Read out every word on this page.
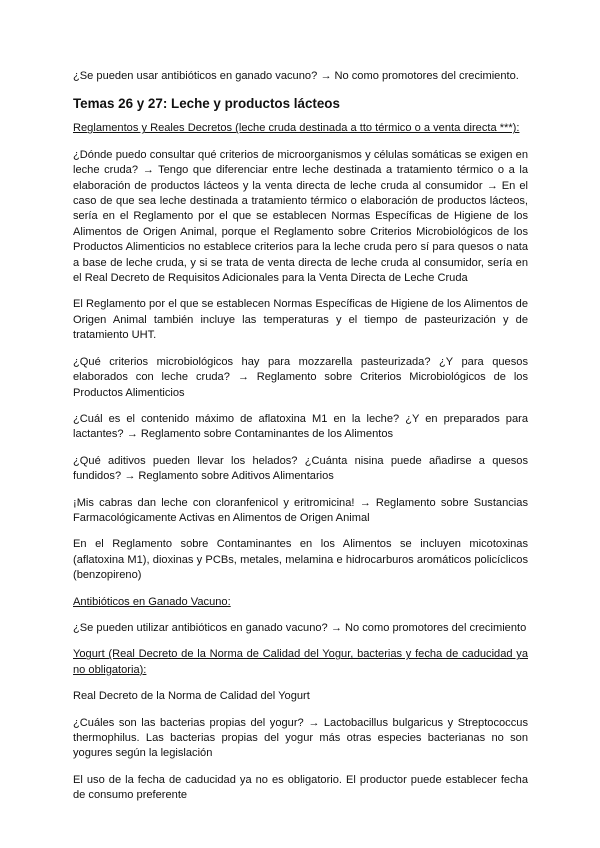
¿Se pueden usar antibióticos en ganado vacuno? → No como promotores del crecimiento.

Temas 26 y 27: Leche y productos lácteos

Reglamentos y Reales Decretos (leche cruda destinada a tto térmico o a venta directa ***):

¿Dónde puedo consultar qué criterios de microorganismos y células somáticas se exigen en leche cruda? → Tengo que diferenciar entre leche destinada a tratamiento térmico o a la elaboración de productos lácteos y la venta directa de leche cruda al consumidor → En el caso de que sea leche destinada a tratamiento térmico o elaboración de productos lácteos, sería en el Reglamento por el que se establecen Normas Específicas de Higiene de los Alimentos de Origen Animal, porque el Reglamento sobre Criterios Microbiológicos de los Productos Alimenticios no establece criterios para la leche cruda pero sí para quesos o nata a base de leche cruda, y si se trata de venta directa de leche cruda al consumidor, sería en el Real Decreto de Requisitos Adicionales para la Venta Directa de Leche Cruda

El Reglamento por el que se establecen Normas Específicas de Higiene de los Alimentos de Origen Animal también incluye las temperaturas y el tiempo de pasteurización y de tratamiento UHT.

¿Qué criterios microbiológicos hay para mozzarella pasteurizada? ¿Y para quesos elaborados con leche cruda? → Reglamento sobre Criterios Microbiológicos de los Productos Alimenticios

¿Cuál es el contenido máximo de aflatoxina M1 en la leche? ¿Y en preparados para lactantes? → Reglamento sobre Contaminantes de los Alimentos

¿Qué aditivos pueden llevar los helados? ¿Cuánta nisina puede añadirse a quesos fundidos? → Reglamento sobre Aditivos Alimentarios

¡Mis cabras dan leche con cloranfenicol y eritromicina! → Reglamento sobre Sustancias Farmacológicamente Activas en Alimentos de Origen Animal

En el Reglamento sobre Contaminantes en los Alimentos se incluyen micotoxinas (aflatoxina M1), dioxinas y PCBs, metales, melamina e hidrocarburos aromáticos policíclicos (benzopireno)

Antibióticos en Ganado Vacuno:

¿Se pueden utilizar antibióticos en ganado vacuno? → No como promotores del crecimiento

Yogurt (Real Decreto de la Norma de Calidad del Yogur, bacterias y fecha de caducidad ya no obligatoria):

Real Decreto de la Norma de Calidad del Yogurt

¿Cuáles son las bacterias propias del yogur? → Lactobacillus bulgaricus y Streptococcus thermophilus. Las bacterias propias del yogur más otras especies bacterianas no son yogures según la legislación

El uso de la fecha de caducidad ya no es obligatorio. El productor puede establecer fecha de consumo preferente
